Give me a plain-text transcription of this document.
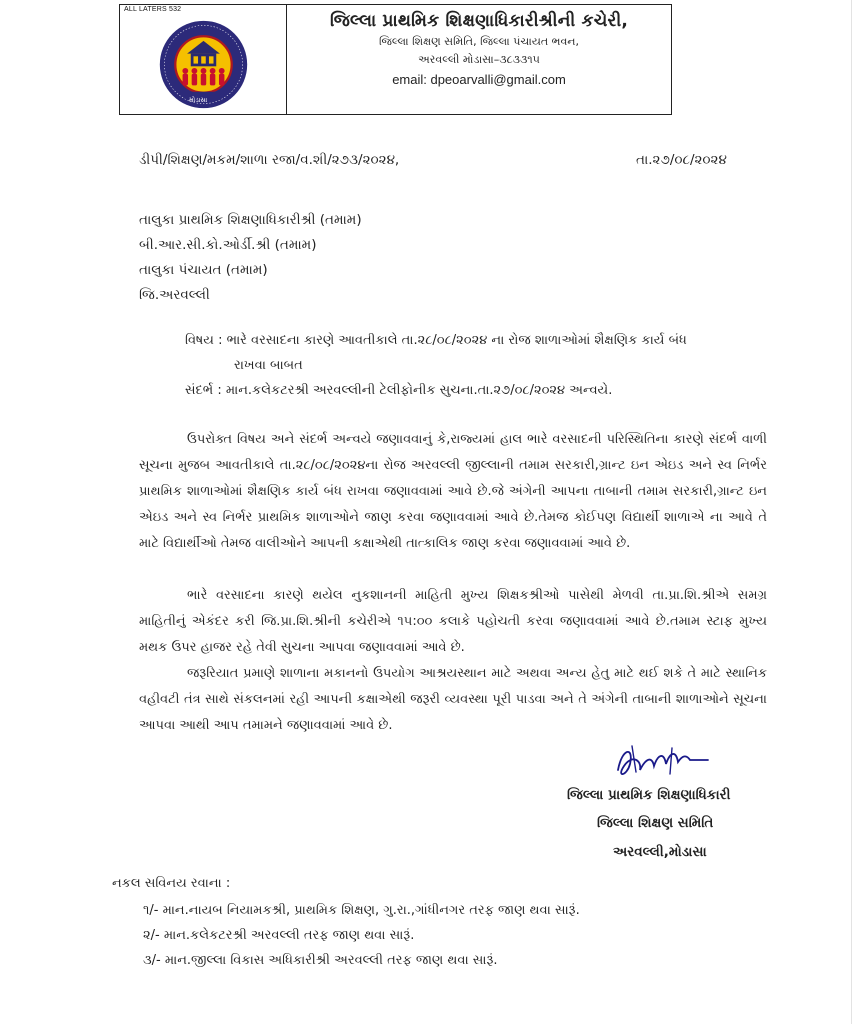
ALL LATERS 532
મોડાસા
જિલ્લા પ્રાથમિક શિક્ષણાધિકારીશ્રીની કચેરી,
જિલ્લા શિક્ષણ સમિતિ, જિલ્લા પંચાયત ભવન,
અરવલ્લી મોડાસા–૩૮૩૩૧૫
email: dpeoarvalli@gmail.com
ડીપી/શિક્ષણ/મકમ/શાળા રજા/વ.શી/૨૭૩/૨૦૨૪,	તા.૨૭/૦૮/૨૦૨૪
તાલુકા પ્રાથમિક શિક્ષણાધિકારીશ્રી (તમામ)
બી.આર.સી.કો.ઓર્ડી.શ્રી (તમામ)
તાલુકા પંચાયત (તમામ)
જિ.અરવલ્લી
વિષય : ભારે વરસાદના કારણે આવતીકાલે તા.૨૮/૦૮/૨૦૨૪ ના રોજ શાળાઓમાં શૈક્ષણિક કાર્ય બંધ
રાખવા બાબત
સંદર્ભ : માન.કલેકટરશ્રી અરવલ્લીની ટેલીફોનીક સુચના.તા.૨૭/૦૮/૨૦૨૪ અન્વયે.
ઉપરોક્ત વિષય અને સંદર્ભ અન્વયે જણાવવાનું કે,રાજ્યમાં હાલ ભારે વરસાદની પરિસ્થિતિના કારણે સંદર્ભ વાળી સૂચના મુજબ આવતીકાલે તા.૨૮/૦૮/૨૦૨૪ના રોજ અરવલ્લી જીલ્લાની તમામ સરકારી,ગ્રાન્ટ ઇન એઇડ અને સ્વ નિર્ભર પ્રાથમિક શાળાઓમાં શૈક્ષણિક કાર્ય બંધ રાખવા જણાવવામાં આવે છે.જે અંગેની આપના તાબાની તમામ સરકારી,ગ્રાન્ટ ઇન એઇડ અને સ્વ નિર્ભર પ્રાથમિક શાળાઓને જાણ કરવા જણાવવામાં આવે છે.તેમજ કોઈપણ વિદ્યાર્થી શાળાએ ના આવે તે માટે વિદ્યાર્થીઓ તેમજ વાલીઓને આપની કક્ષાએથી તાત્કાલિક જાણ કરવા જણાવવામાં આવે છે.
ભારે વરસાદના કારણે થયેલ નુકશાનની માહિતી મુખ્ય શિક્ષકશ્રીઓ પાસેથી મેળવી તા.પ્રા.શિ.શ્રીએ સમગ્ર માહિતીનું એકંદર કરી જિ.પ્રા.શિ.શ્રીની કચેરીએ ૧૫:૦૦ કલાકે પહોચતી કરવા જણાવવામાં આવે છે.તમામ સ્ટાફ મુખ્ય મથક ઉપર હાજર રહે તેવી સુચના આપવા જણાવવામાં આવે છે.
જરૂરિયાત પ્રમાણે શાળાના મકાનનો ઉપયોગ આશ્રયસ્થાન માટે અથવા અન્ય હેતુ માટે થઈ શકે તે માટે સ્થાનિક વહીવટી તંત્ર સાથે સંકલનમાં રહી આપની કક્ષાએથી જરૂરી વ્યવસ્થા પૂરી પાડવા અને તે અંગેની તાબાની શાળાઓને સૂચના આપવા આથી આપ તમામને જણાવવામાં આવે છે.
જિલ્લા પ્રાથમિક શિક્ષણાધિકારી
જિલ્લા શિક્ષણ સમિતિ
અરવલ્લી,મોડાસા
નકલ સવિનય રવાના :
૧/- માન.નાયબ નિયામકશ્રી, પ્રાથમિક શિક્ષણ, ગુ.રા.,ગાંધીનગર તરફ જાણ થવા સારૂં.
૨/- માન.કલેકટરશ્રી અરવલ્લી તરફ જાણ થવા સારૂં.
૩/- માન.જીલ્લા વિકાસ અધિકારીશ્રી અરવલ્લી તરફ જાણ થવા સારૂં.
